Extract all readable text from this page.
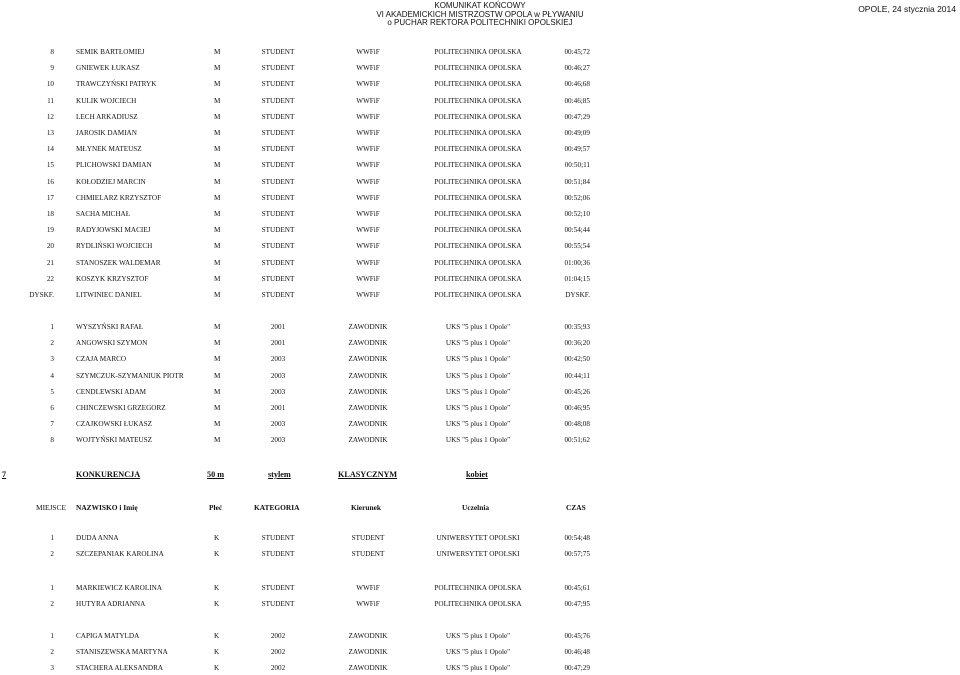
KOMUNIKAT KOŃCOWY
VI AKADEMICKICH MISTRZOSTW OPOLA w PŁYWANIU
o PUCHAR REKTORA POLITECHNIKI OPOLSKIEJ
OPOLE, 24 stycznia 2014
8	SEMIK BARTŁOMIEJ	M	STUDENT	WWFiF	POLITECHNIKA OPOLSKA	00:45;72
9	GNIEWEK ŁUKASZ	M	STUDENT	WWFiF	POLITECHNIKA OPOLSKA	00:46;27
10	TRAWCZYŃSKI PATRYK	M	STUDENT	WWFiF	POLITECHNIKA OPOLSKA	00:46;68
11	KULIK WOJCIECH	M	STUDENT	WWFiF	POLITECHNIKA OPOLSKA	00:46;85
12	LECH ARKADIUSZ	M	STUDENT	WWFiF	POLITECHNIKA OPOLSKA	00:47;29
13	JAROSIK DAMIAN	M	STUDENT	WWFiF	POLITECHNIKA OPOLSKA	00:49;09
14	MŁYNEK MATEUSZ	M	STUDENT	WWFiF	POLITECHNIKA OPOLSKA	00:49;57
15	PLICHOWSKI DAMIAN	M	STUDENT	WWFiF	POLITECHNIKA OPOLSKA	00:50;11
16	KOŁODZIEJ MARCIN	M	STUDENT	WWFiF	POLITECHNIKA OPOLSKA	00:51;84
17	CHMIELARZ KRZYSZTOF	M	STUDENT	WWFiF	POLITECHNIKA OPOLSKA	00:52;06
18	SACHA MICHAŁ	M	STUDENT	WWFiF	POLITECHNIKA OPOLSKA	00:52;10
19	RADYJOWSKI MACIEJ	M	STUDENT	WWFiF	POLITECHNIKA OPOLSKA	00:54;44
20	RYDLIŃSKI WOJCIECH	M	STUDENT	WWFiF	POLITECHNIKA OPOLSKA	00:55;54
21	STANOSZEK WALDEMAR	M	STUDENT	WWFiF	POLITECHNIKA OPOLSKA	01:00;36
22	KOSZYK KRZYSZTOF	M	STUDENT	WWFiF	POLITECHNIKA OPOLSKA	01:04;15
DYSKF.	LITWINIEC DANIEL	M	STUDENT	WWFiF	POLITECHNIKA OPOLSKA	DYSKF.
1	WYSZYŃSKI RAFAŁ	M	2001	ZAWODNIK	UKS "5 plus 1 Opole"	00:35;93
2	ANGOWSKI SZYMON	M	2001	ZAWODNIK	UKS "5 plus 1 Opole"	00:36;20
3	CZAJA MARCO	M	2003	ZAWODNIK	UKS "5 plus 1 Opole"	00:42;50
4	SZYMCZUK-SZYMANIUK PIOTR	M	2003	ZAWODNIK	UKS "5 plus 1 Opole"	00:44;11
5	CENDLEWSKI ADAM	M	2003	ZAWODNIK	UKS "5 plus 1 Opole"	00:45;26
6	CHINCZEWSKI GRZEGORZ	M	2001	ZAWODNIK	UKS "5 plus 1 Opole"	00:46;95
7	CZAJKOWSKI ŁUKASZ	M	2003	ZAWODNIK	UKS "5 plus 1 Opole"	00:48;08
8	WOJTYŃSKI MATEUSZ	M	2003	ZAWODNIK	UKS "5 plus 1 Opole"	00:51;62
7	KONKURENCJA	50 m	stylem	KLASYCZNYM	kobiet
MIEJSCE NAZWISKO i Imię	Płeć	KATEGORIA	Kierunek	Uczelnia	CZAS
1	DUDA ANNA	K	STUDENT	STUDENT	UNIWERSYTET OPOLSKI	00:54;48
2	SZCZEPANIAK KAROLINA	K	STUDENT	STUDENT	UNIWERSYTET OPOLSKI	00:57;75
1	MARKIEWICZ KAROLINA	K	STUDENT	WWFiF	POLITECHNIKA OPOLSKA	00:45;61
2	HUTYRA ADRIANNA	K	STUDENT	WWFiF	POLITECHNIKA OPOLSKA	00:47;95
1	CAPIGA MATYLDA	K	2002	ZAWODNIK	UKS "5 plus 1 Opole"	00:45;76
2	STANISZEWSKA MARTYNA	K	2002	ZAWODNIK	UKS "5 plus 1 Opole"	00:46;48
3	STACHERA ALEKSANDRA	K	2002	ZAWODNIK	UKS "5 plus 1 Opole"	00:47;29
